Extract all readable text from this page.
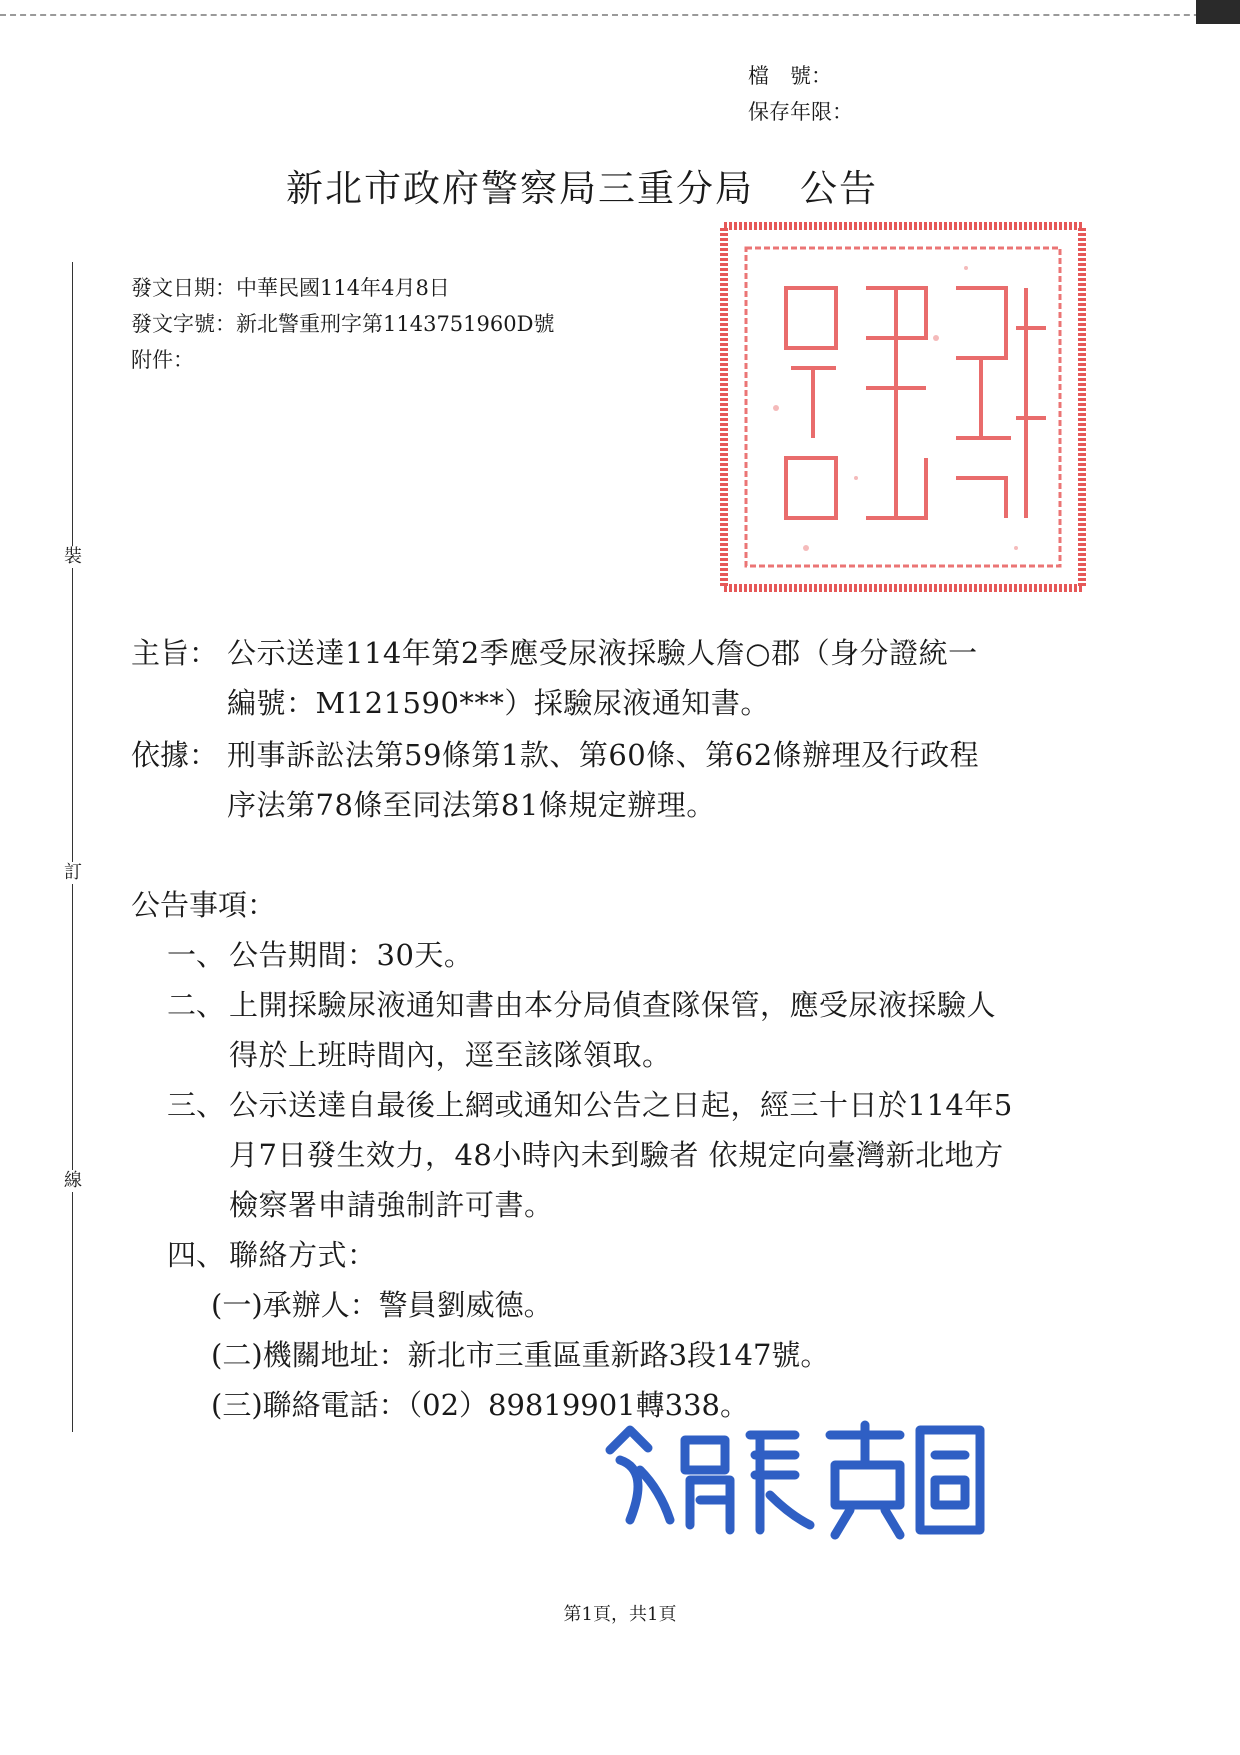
檔　號：
保存年限：
新北市政府警察局三重分局 公告
發文日期：中華民國114年4月8日
發文字號：新北警重刑字第1143751960D號
附件：
裝
訂
線
主旨： 公示送達114年第2季應受尿液採驗人詹○郡（身分證統一編號：M121590***）採驗尿液通知書。
依據： 刑事訴訟法第59條第1款、第60條、第62條辦理及行政程序法第78條至同法第81條規定辦理。
公告事項：
一、 公告期間：30天。
二、 上開採驗尿液通知書由本分局偵查隊保管，應受尿液採驗人得於上班時間內，逕至該隊領取。
三、 公示送達自最後上網或通知公告之日起，經三十日於114年5月7日發生效力，48小時內未到驗者 依規定向臺灣新北地方檢察署申請強制許可書。
四、 聯絡方式：
(一)承辦人：警員劉威德。
(二)機關地址：新北市三重區重新路3段147號。
(三)聯絡電話：（02）89819901轉338。
第1頁，共1頁
